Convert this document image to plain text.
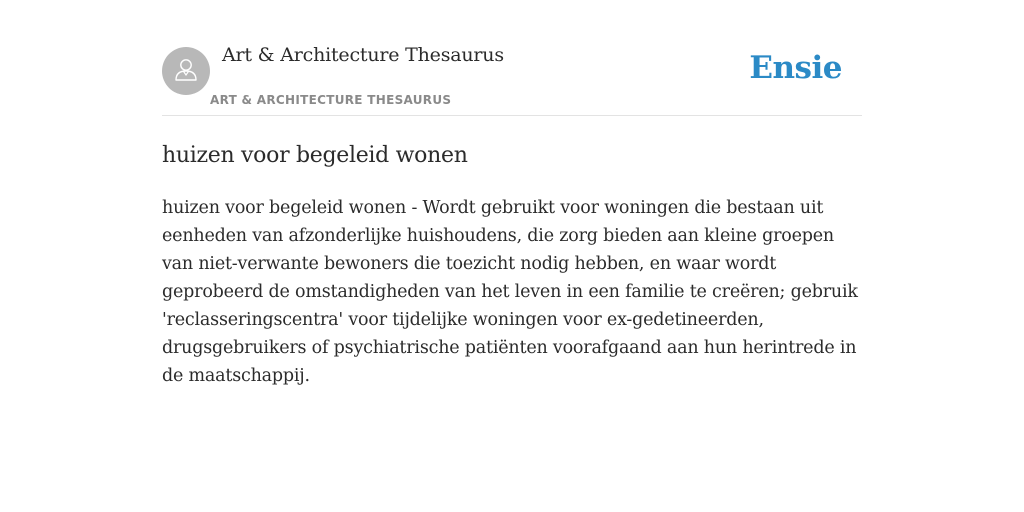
Art & Architecture Thesaurus
ART & ARCHITECTURE THESAURUS
Ensie
huizen voor begeleid wonen

huizen voor begeleid wonen - Wordt gebruikt voor woningen die bestaan uit eenheden van afzonderlijke huishoudens, die zorg bieden aan kleine groepen van niet-verwante bewoners die toezicht nodig hebben, en waar wordt geprobeerd de omstandigheden van het leven in een familie te creëren; gebruik 'reclasseringscentra' voor tijdelijke woningen voor ex-gedetineerden, drugsgebruikers of psychiatrische patiënten voorafgaand aan hun herintrede in de maatschappij.
